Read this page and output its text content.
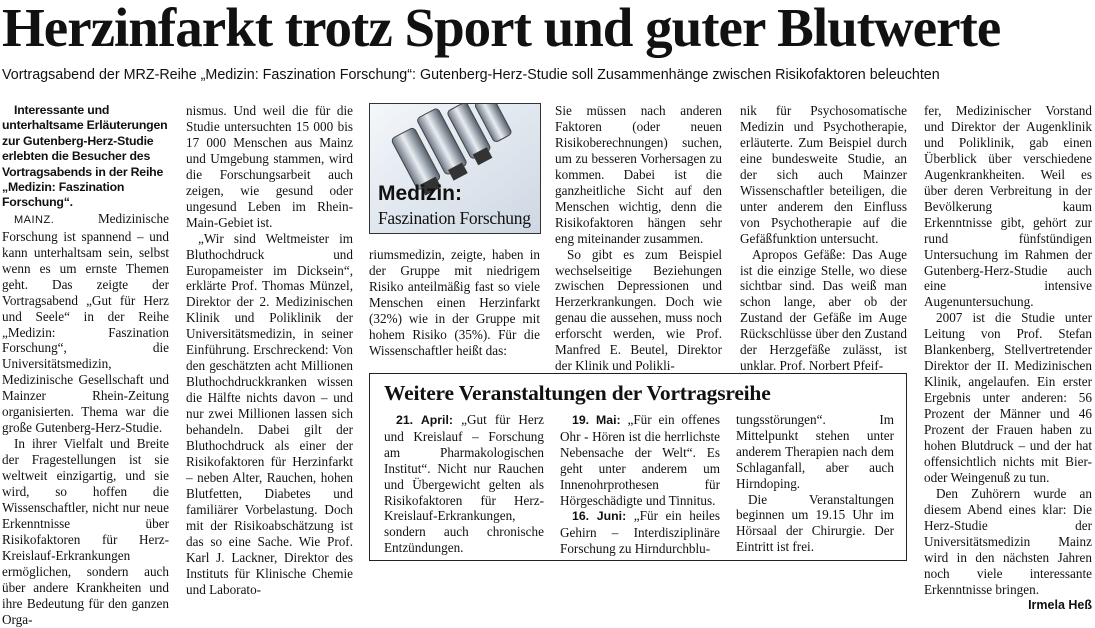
Herzinfarkt trotz Sport und guter Blutwerte
Vortragsabend der MRZ-Reihe „Medizin: Faszination Forschung“: Gutenberg-Herz-Studie soll Zusammenhänge zwischen Risikofaktoren beleuchten

Interessante und unterhaltsame Erläuterungen zur Gutenberg-Herz-Studie erlebten die Besucher des Vortragsabends in der Reihe „Medizin: Faszination Forschung“.

MAINZ.	Medizinische Forschung ist spannend – und kann unterhaltsam sein, selbst wenn es um ernste Themen geht. Das zeigte der Vortragsabend „Gut für Herz und Seele“ in der Reihe „Medizin: Faszination Forschung“, die Universitätsmedizin, Medizinische Gesellschaft und Mainzer Rhein-Zeitung organisierten. Thema war die große Gutenberg-Herz-Studie.

In ihrer Vielfalt und Breite der Fragestellungen ist sie weltweit einzigartig, und sie wird, so hoffen die Wissenschaftler, nicht nur neue Erkenntnisse über Risikofaktoren für Herz-Kreislauf-Erkrankungen ermöglichen, sondern auch über andere Krankheiten und ihre Bedeutung für den ganzen Orga-

nismus. Und weil die für die Studie untersuchten 15 000 bis 17 000 Menschen aus Mainz und Umgebung stammen, wird die Forschungsarbeit auch zeigen, wie gesund oder ungesund Leben im Rhein-Main-Gebiet ist.

„Wir sind Weltmeister im Bluthochdruck und Europameister im Dicksein“, erklärte Prof. Thomas Münzel, Direktor der 2. Medizinischen Klinik und Poliklinik der Universitätsmedizin, in seiner Einführung. Erschreckend: Von den geschätzten acht Millionen Bluthochdruckkranken wissen die Hälfte nichts davon – und nur zwei Millionen lassen sich behandeln. Dabei gilt der Bluthochdruck als einer der Risikofaktoren für Herzinfarkt – neben Alter, Rauchen, hohen Blutfetten, Diabetes und familiärer Vorbelastung. Doch mit der Risikoabschätzung ist das so eine Sache. Wie Prof. Karl J. Lackner, Direktor des Instituts für Klinische Chemie und Laborato-

Medizin:
Faszination Forschung

riumsmedizin, zeigte, haben in der Gruppe mit niedrigem Risiko anteilmäßig fast so viele Menschen einen Herzinfarkt (32%) wie in der Gruppe mit hohem Risiko (35%). Für die Wissenschaftler heißt das:

Sie müssen nach anderen Faktoren (oder neuen Risikoberechnungen) suchen, um zu besseren Vorhersagen zu kommen. Dabei ist die ganzheitliche Sicht auf den Menschen wichtig, denn die Risikofaktoren hängen sehr eng miteinander zusammen.

So gibt es zum Beispiel wechselseitige Beziehungen zwischen Depressionen und Herzerkrankungen. Doch wie genau die aussehen, muss noch erforscht werden, wie Prof. Manfred E. Beutel, Direktor der Klinik und Polikli-

nik für Psychosomatische Medizin und Psychotherapie, erläuterte. Zum Beispiel durch eine bundesweite Studie, an der sich auch Mainzer Wissenschaftler beteiligen, die unter anderem den Einfluss von Psychotherapie auf die Gefäßfunktion untersucht.

Apropos Gefäße: Das Auge ist die einzige Stelle, wo diese sichtbar sind. Das weiß man schon lange, aber ob der Zustand der Gefäße im Auge Rückschlüsse über den Zustand der Herzgefäße zulässt, ist unklar. Prof. Norbert Pfeif-

fer, Medizinischer Vorstand und Direktor der Augenklinik und Poliklinik, gab einen Überblick über verschiedene Augenkrankheiten. Weil es über deren Verbreitung in der Bevölkerung kaum Erkenntnisse gibt, gehört zur rund fünfstündigen Untersuchung im Rahmen der Gutenberg-Herz-Studie auch eine intensive Augenuntersuchung.

2007 ist die Studie unter Leitung von Prof. Stefan Blankenberg, Stellvertretender Direktor der II. Medizinischen Klinik, angelaufen. Ein erster Ergebnis unter anderen: 56 Prozent der Männer und 46 Prozent der Frauen haben zu hohen Blutdruck – und der hat offensichtlich nichts mit Bier- oder Weingenuß zu tun.

Den Zuhörern wurde an diesem Abend eines klar: Die Herz-Studie der Universitätsmedizin Mainz wird in den nächsten Jahren noch viele interessante Erkenntnisse bringen.

Irmela Heß
Weitere Veranstaltungen der Vortragsreihe

21. April: „Gut für Herz und Kreislauf – Forschung am Pharmakologischen Institut“. Nicht nur Rauchen und Übergewicht gelten als Risikofaktoren für Herz-Kreislauf-Erkrankungen, sondern auch chronische Entzündungen.

19. Mai: „Für ein offenes Ohr - Hören ist die herrlichste Nebensache der Welt“. Es geht unter anderem um Innenohrprothesen für Hörgeschädigte und Tinnitus.

16. Juni: „Für ein heiles Gehirn – Interdisziplinäre Forschung zu Hirndurchblu-

tungsstörungen“. Im Mittelpunkt stehen unter anderem Therapien nach dem Schlaganfall, aber auch Hirndoping.

Die Veranstaltungen beginnen um 19.15 Uhr im Hörsaal der Chirurgie. Der Eintritt ist frei.
